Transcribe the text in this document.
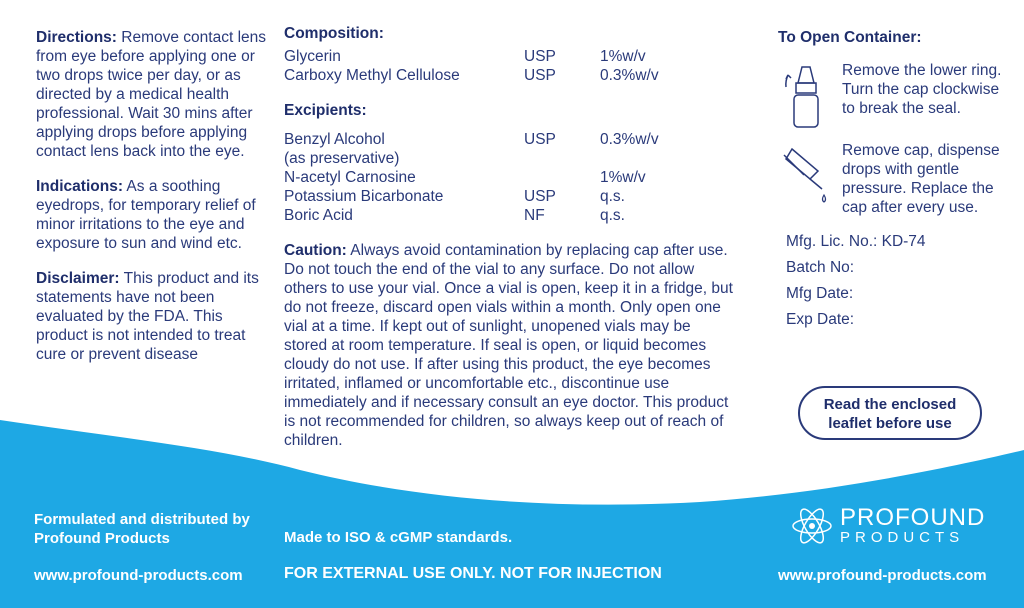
Directions: Remove contact lens from eye before applying one or two drops twice per day, or as directed by a medical health professional. Wait 30 mins after applying drops before applying contact lens back into the eye.

Indications: As a soothing eyedrops, for temporary relief of minor irritations to the eye and exposure to sun and wind etc.

Disclaimer: This product and its statements have not been evaluated by the FDA. This product is not intended to treat cure or prevent disease

Composition:
Glycerin	USP	1%w/v
Carboxy Methyl Cellulose	USP	0.3%w/v
Excipients:
Benzyl Alcohol	USP	0.3%w/v
(as preservative)
N-acetyl Carnosine	1%w/v
Potassium Bicarbonate	USP	q.s.
Boric Acid	NF	q.s.

Caution: Always avoid contamination by replacing cap after use. Do not touch the end of the vial to any surface. Do not allow others to use your vial. Once a vial is open, keep it in a fridge, but do not freeze, discard open vials within a month. Only open one vial at a time. If kept out of sunlight, unopened vials may be stored at room temperature. If seal is open, or liquid becomes cloudy do not use. If after using this product, the eye becomes irritated, inflamed or uncomfortable etc., discontinue use immediately and if necessary consult an eye doctor. This product is not recommended for children, so always keep out of reach of children.

To Open Container:
Remove the lower ring. Turn the cap clockwise to break the seal.
Remove cap, dispense drops with gentle pressure. Replace the cap after every use.
Mfg. Lic. No.: KD-74
Batch No:
Mfg Date:
Exp Date:
Read the enclosed leaflet before use
Formulated and distributed by Profound Products
www.profound-products.com
Made to ISO & cGMP standards.
FOR EXTERNAL USE ONLY. NOT FOR INJECTION	www.profound-products.com
PROFOUND
PRODUCTS
